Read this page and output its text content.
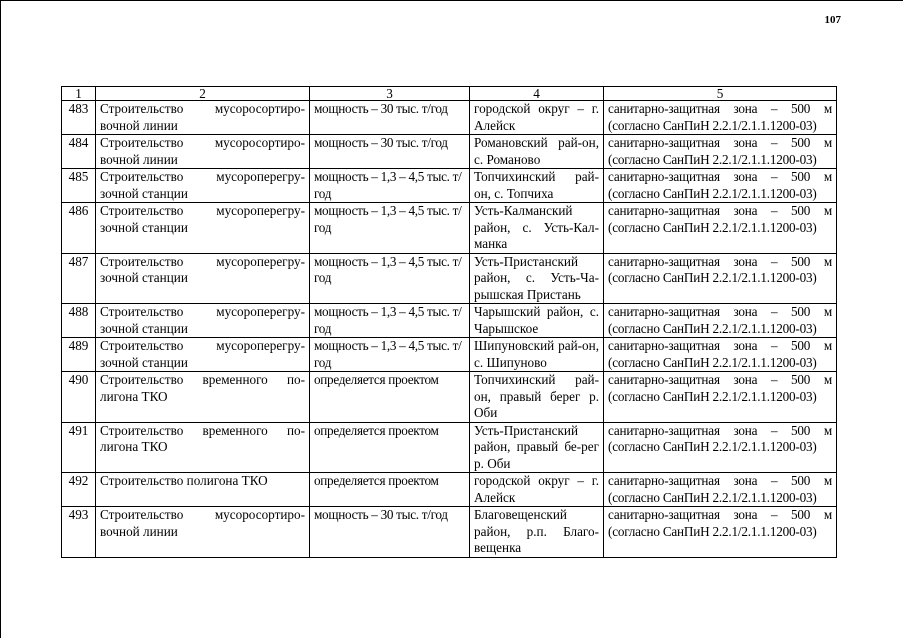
107
1	2	3	4	5
483	Строительство мусоросортиро-вочной линии	мощность – 30 тыс. т/год	городской округ – г. Алейск	санитарно-защитная зона – 500 м (согласно СанПиН 2.2.1/2.1.1.1200-03)
484	Строительство мусоросортиро-вочной линии	мощность – 30 тыс. т/год	Романовский рай-он, с. Романово	санитарно-защитная зона – 500 м (согласно СанПиН 2.2.1/2.1.1.1200-03)
485	Строительство мусороперегру-зочной станции	мощность – 1,3 – 4,5 тыс. т/год	Топчихинский рай-он, с. Топчиха	санитарно-защитная зона – 500 м (согласно СанПиН 2.2.1/2.1.1.1200-03)
486	Строительство мусороперегру-зочной станции	мощность – 1,3 – 4,5 тыс. т/год	Усть-Калманский район, с. Усть-Кал-манка	санитарно-защитная зона – 500 м (согласно СанПиН 2.2.1/2.1.1.1200-03)
487	Строительство мусороперегру-зочной станции	мощность – 1,3 – 4,5 тыс. т/год	Усть-Пристанский район, с. Усть-Ча-рышская Пристань	санитарно-защитная зона – 500 м (согласно СанПиН 2.2.1/2.1.1.1200-03)
488	Строительство мусороперегру-зочной станции	мощность – 1,3 – 4,5 тыс. т/год	Чарышский район, с. Чарышское	санитарно-защитная зона – 500 м (согласно СанПиН 2.2.1/2.1.1.1200-03)
489	Строительство мусороперегру-зочной станции	мощность – 1,3 – 4,5 тыс. т/год	Шипуновский рай-он, с. Шипуново	санитарно-защитная зона – 500 м (согласно СанПиН 2.2.1/2.1.1.1200-03)
490	Строительство временного по-лигона ТКО	определяется проектом	Топчихинский рай-он, правый берег р. Оби	санитарно-защитная зона – 500 м (согласно СанПиН 2.2.1/2.1.1.1200-03)
491	Строительство временного по-лигона ТКО	определяется проектом	Усть-Пристанский район, правый бе-рег р. Оби	санитарно-защитная зона – 500 м (согласно СанПиН 2.2.1/2.1.1.1200-03)
492	Строительство полигона ТКО	определяется проектом	городской округ – г. Алейск	санитарно-защитная зона – 500 м (согласно СанПиН 2.2.1/2.1.1.1200-03)
493	Строительство мусоросортиро-вочной линии	мощность – 30 тыс. т/год	Благовещенский район, р.п. Благо-вещенка	санитарно-защитная зона – 500 м (согласно СанПиН 2.2.1/2.1.1.1200-03)
